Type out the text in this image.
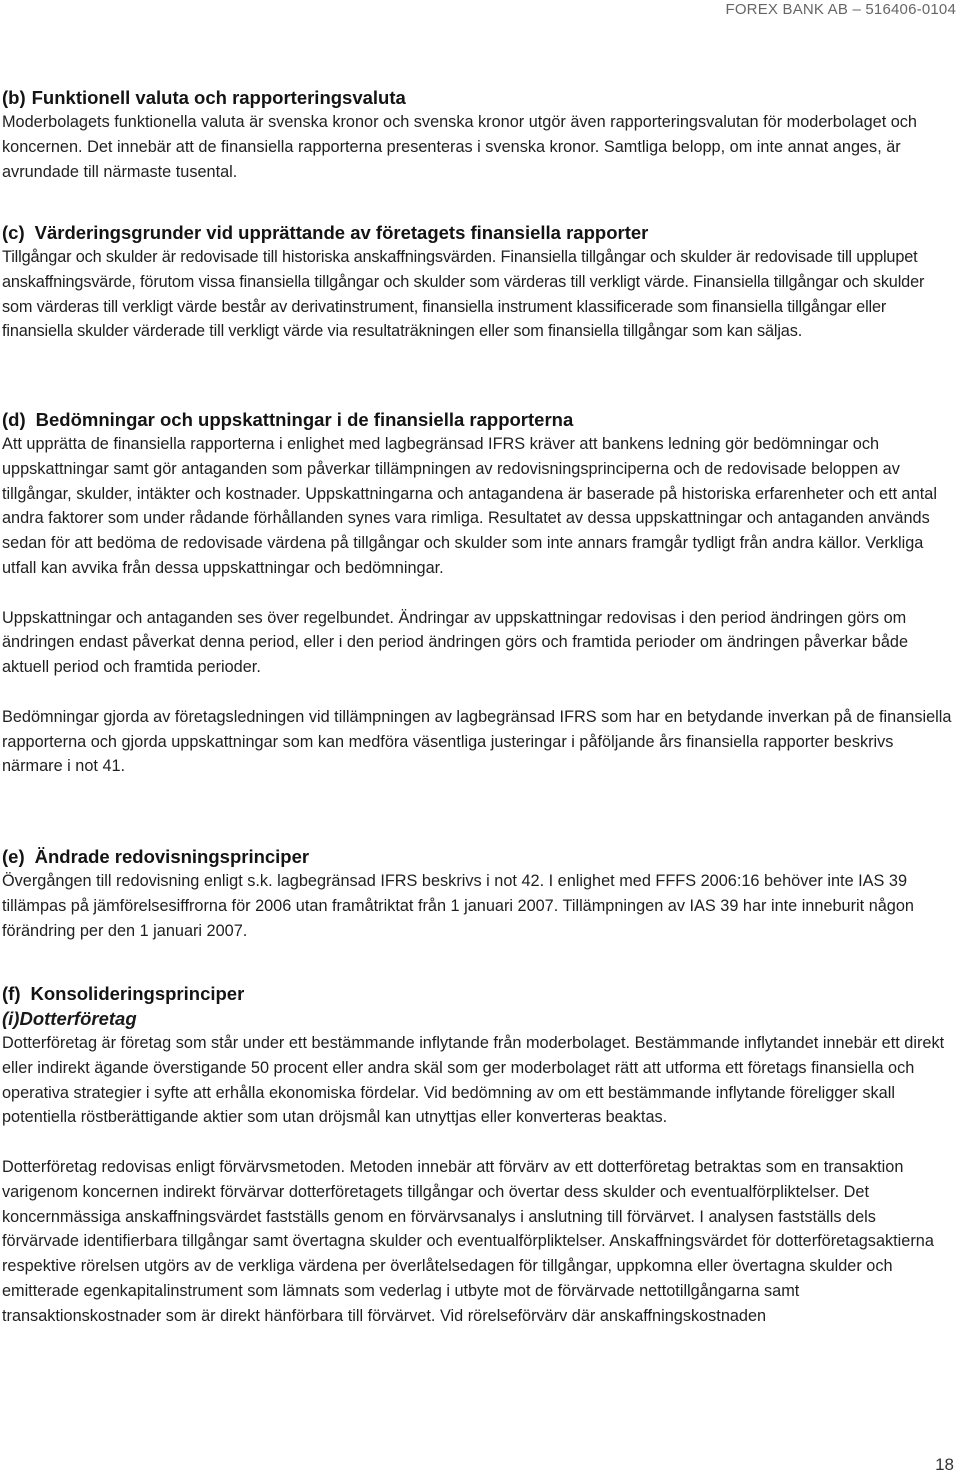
FOREX BANK AB – 516406-0104
(b) Funktionell valuta och rapporteringsvaluta

Moderbolagets funktionella valuta är svenska kronor och svenska kronor utgör även rapporteringsvalutan för moderbolaget och koncernen. Det innebär att de finansiella rapporterna presenteras i svenska kronor. Samtliga belopp, om inte annat anges, är avrundade till närmaste tusental.

(c) Värderingsgrunder vid upprättande av företagets finansiella rapporter

Tillgångar och skulder är redovisade till historiska anskaffningsvärden. Finansiella tillgångar och skulder är redovisade till upplupet anskaffningsvärde, förutom vissa finansiella tillgångar och skulder som värderas till verkligt värde. Finansiella tillgångar och skulder som värderas till verkligt värde består av derivatinstrument, finansiella instrument klassificerade som finansiella tillgångar eller finansiella skulder värderade till verkligt värde via resultaträkningen eller som finansiella tillgångar som kan säljas.

(d) Bedömningar och uppskattningar i de finansiella rapporterna

Att upprätta de finansiella rapporterna i enlighet med lagbegränsad IFRS kräver att bankens ledning gör bedömningar och uppskattningar samt gör antaganden som påverkar tillämpningen av redovisningsprinciperna och de redovisade beloppen av tillgångar, skulder, intäkter och kostnader. Uppskattningarna och antagandena är baserade på historiska erfarenheter och ett antal andra faktorer som under rådande förhållanden synes vara rimliga. Resultatet av dessa uppskattningar och antaganden används sedan för att bedöma de redovisade värdena på tillgångar och skulder som inte annars framgår tydligt från andra källor. Verkliga utfall kan avvika från dessa uppskattningar och bedömningar.

Uppskattningar och antaganden ses över regelbundet. Ändringar av uppskattningar redovisas i den period ändringen görs om ändringen endast påverkat denna period, eller i den period ändringen görs och framtida perioder om ändringen påverkar både aktuell period och framtida perioder.

Bedömningar gjorda av företagsledningen vid tillämpningen av lagbegränsad IFRS som har en betydande inverkan på de finansiella rapporterna och gjorda uppskattningar som kan medföra väsentliga justeringar i påföljande års finansiella rapporter beskrivs närmare i not 41.

(e) Ändrade redovisningsprinciper

Övergången till redovisning enligt s.k. lagbegränsad IFRS beskrivs i not 42. I enlighet med FFFS 2006:16 behöver inte IAS 39 tillämpas på jämförelsesiffrorna för 2006 utan framåtriktat från 1 januari 2007. Tillämpningen av IAS 39 har inte inneburit någon förändring per den 1 januari 2007.

(f) Konsolideringsprinciper
(i)Dotterföretag

Dotterföretag är företag som står under ett bestämmande inflytande från moderbolaget. Bestämmande inflytandet innebär ett direkt eller indirekt ägande överstigande 50 procent eller andra skäl som ger moderbolaget rätt att utforma ett företags finansiella och operativa strategier i syfte att erhålla ekonomiska fördelar. Vid bedömning av om ett bestämmande inflytande föreligger skall potentiella röstberättigande aktier som utan dröjsmål kan utnyttjas eller konverteras beaktas.

Dotterföretag redovisas enligt förvärvsmetoden. Metoden innebär att förvärv av ett dotterföretag betraktas som en transaktion varigenom koncernen indirekt förvärvar dotterföretagets tillgångar och övertar dess skulder och eventualförpliktelser. Det koncernmässiga anskaffningsvärdet fastställs genom en förvärvsanalys i anslutning till förvärvet. I analysen fastställs dels förvärvade identifierbara tillgångar samt övertagna skulder och eventualförpliktelser. Anskaffningsvärdet för dotterföretagsaktierna respektive rörelsen utgörs av de verkliga värdena per överlåtelsedagen för tillgångar, uppkomna eller övertagna skulder och emitterade egenkapitalinstrument som lämnats som vederlag i utbyte mot de förvärvade nettotillgångarna samt transaktionskostnader som är direkt hänförbara till förvärvet. Vid rörelseförvärv där anskaffningskostnaden

18
